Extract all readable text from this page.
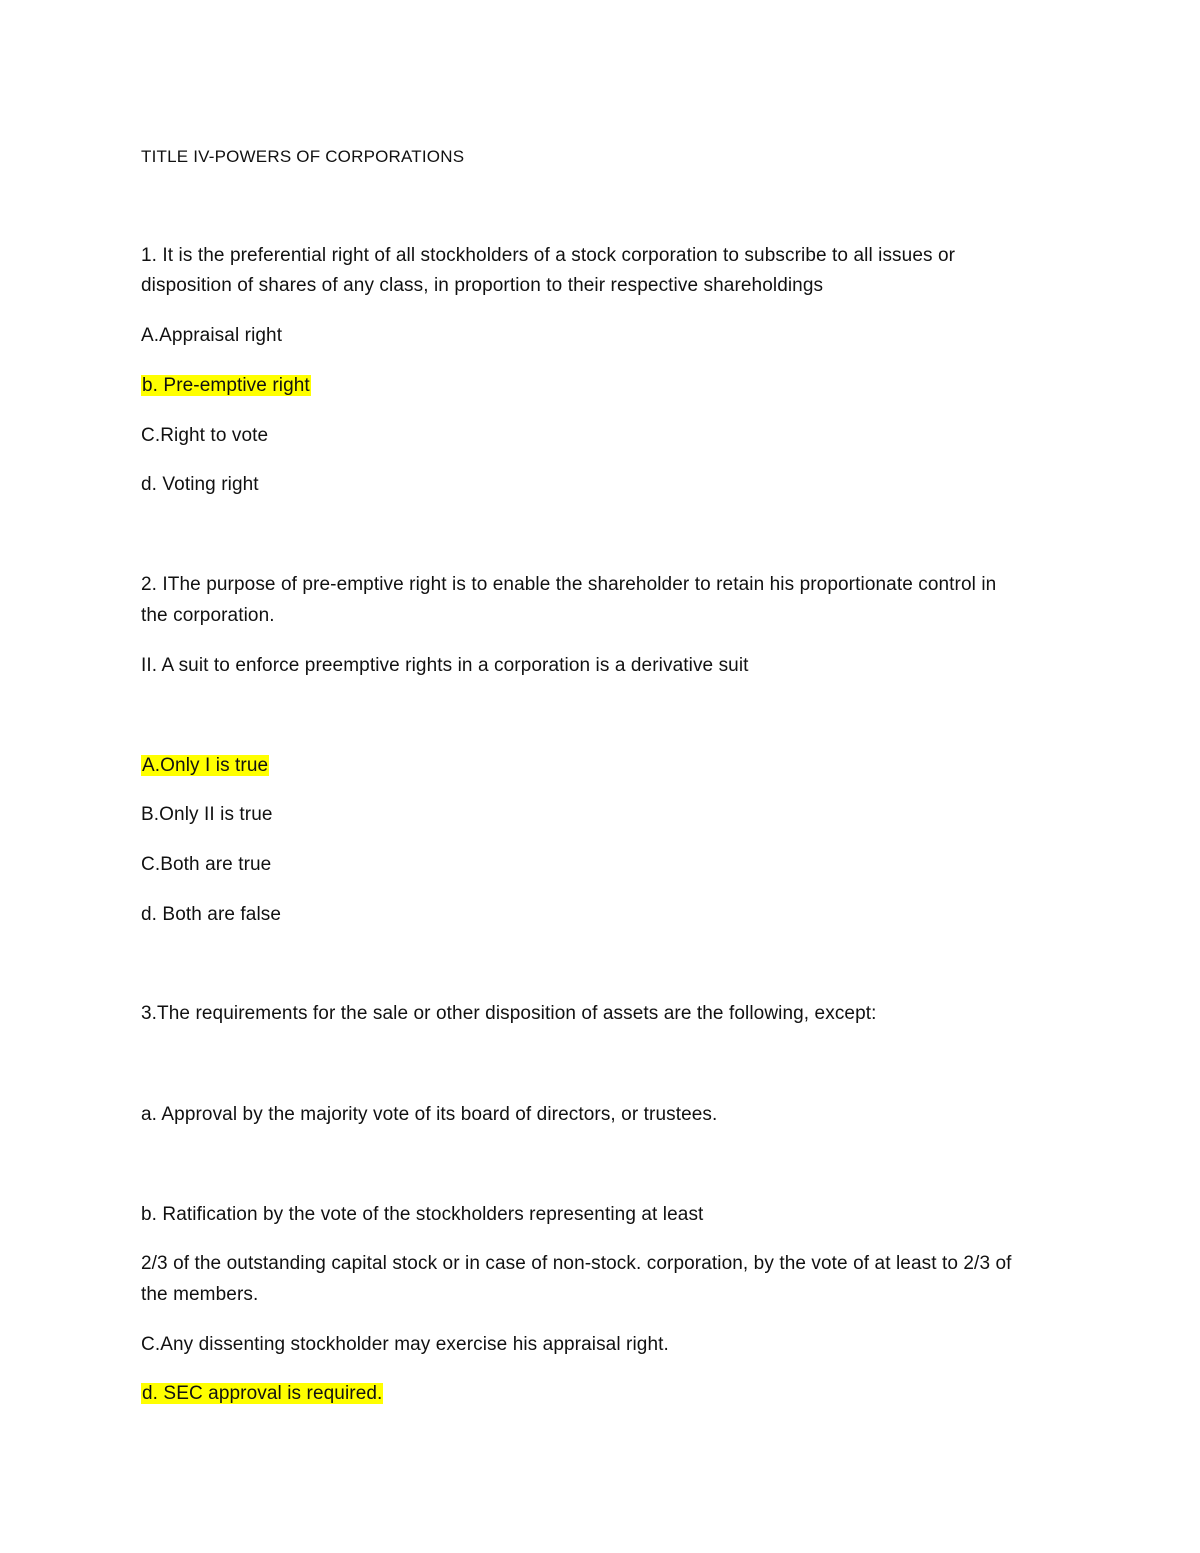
TITLE IV-POWERS OF CORPORATIONS
1. It is the preferential right of all stockholders of a stock corporation to subscribe to all issues or
disposition of shares of any class, in proportion to their respective shareholdings
A.Appraisal right
b. Pre-emptive right
C.Right to vote
d. Voting right
2. IThe purpose of pre-emptive right is to enable the shareholder to retain his proportionate control in
the corporation.
II. A suit to enforce preemptive rights in a corporation is a derivative suit
A.Only I is true
B.Only II is true
C.Both are true
d. Both are false
3.The requirements for the sale or other disposition of assets are the following, except:
a. Approval by the majority vote of its board of directors, or trustees.
b. Ratification by the vote of the stockholders representing at least
2/3 of the outstanding capital stock or in case of non-stock. corporation, by the vote of at least to 2/3 of
the members.
C.Any dissenting stockholder may exercise his appraisal right.
d. SEC approval is required.
